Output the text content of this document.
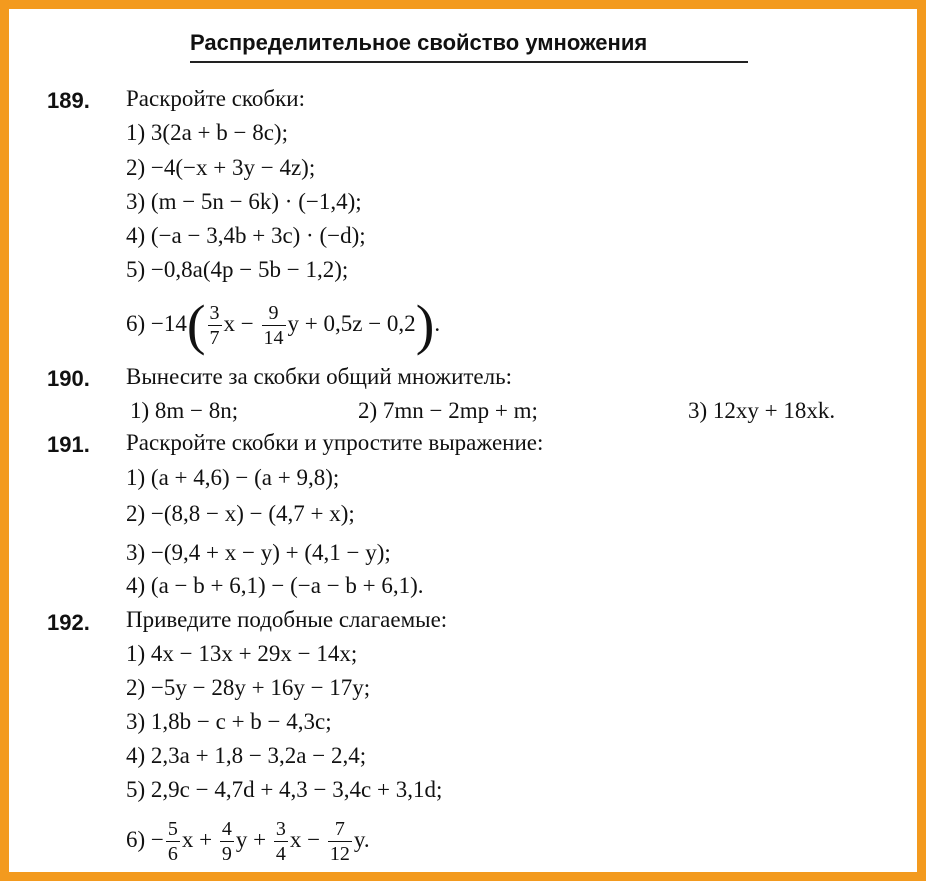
Распределительное свойство умножения
189. Раскройте скобки:
1) 3(2a + b − 8c);
2) −4(−x + 3y − 4z);
3) (m − 5n − 6k) · (−1,4);
4) (−a − 3,4b + 3c) · (−d);
5) −0,8a(4p − 5b − 1,2);
$6) -14( \frac{3}{7}$ $x - \frac{9}{14}$ y + 0,5z − 0,2).
190. Вынесите за скобки общий множитель:
1) 8m − 8n;	2) 7mn − 2mp + m;	3) 12xy + 18xk.
191. Раскройте скобки и упростите выражение:
1) (a + 4,6) − (a + 9,8);
2) −(8,8 − x) − (4,7 + x);
3) −(9,4 + x − y) + (4,1 − y);
4) (a − b + 6,1) − (−a − b + 6,1).
192. Приведите подобные слагаемые:
1) 4x − 13x + 29x − 14x;
2) −5y − 28y + 16y − 17y;
3) 1,8b − c + b − 4,3c;
4) 2,3a + 1,8 − 3,2a − 2,4;
5) 2,9c − 4,7d + 4,3 − 3,4c + 3,1d;
$6) - \frac{5}{6}$ $x + \frac{4}{9}$ $y + \frac{3}{4}$ $x - \frac{7}{12} y$.
